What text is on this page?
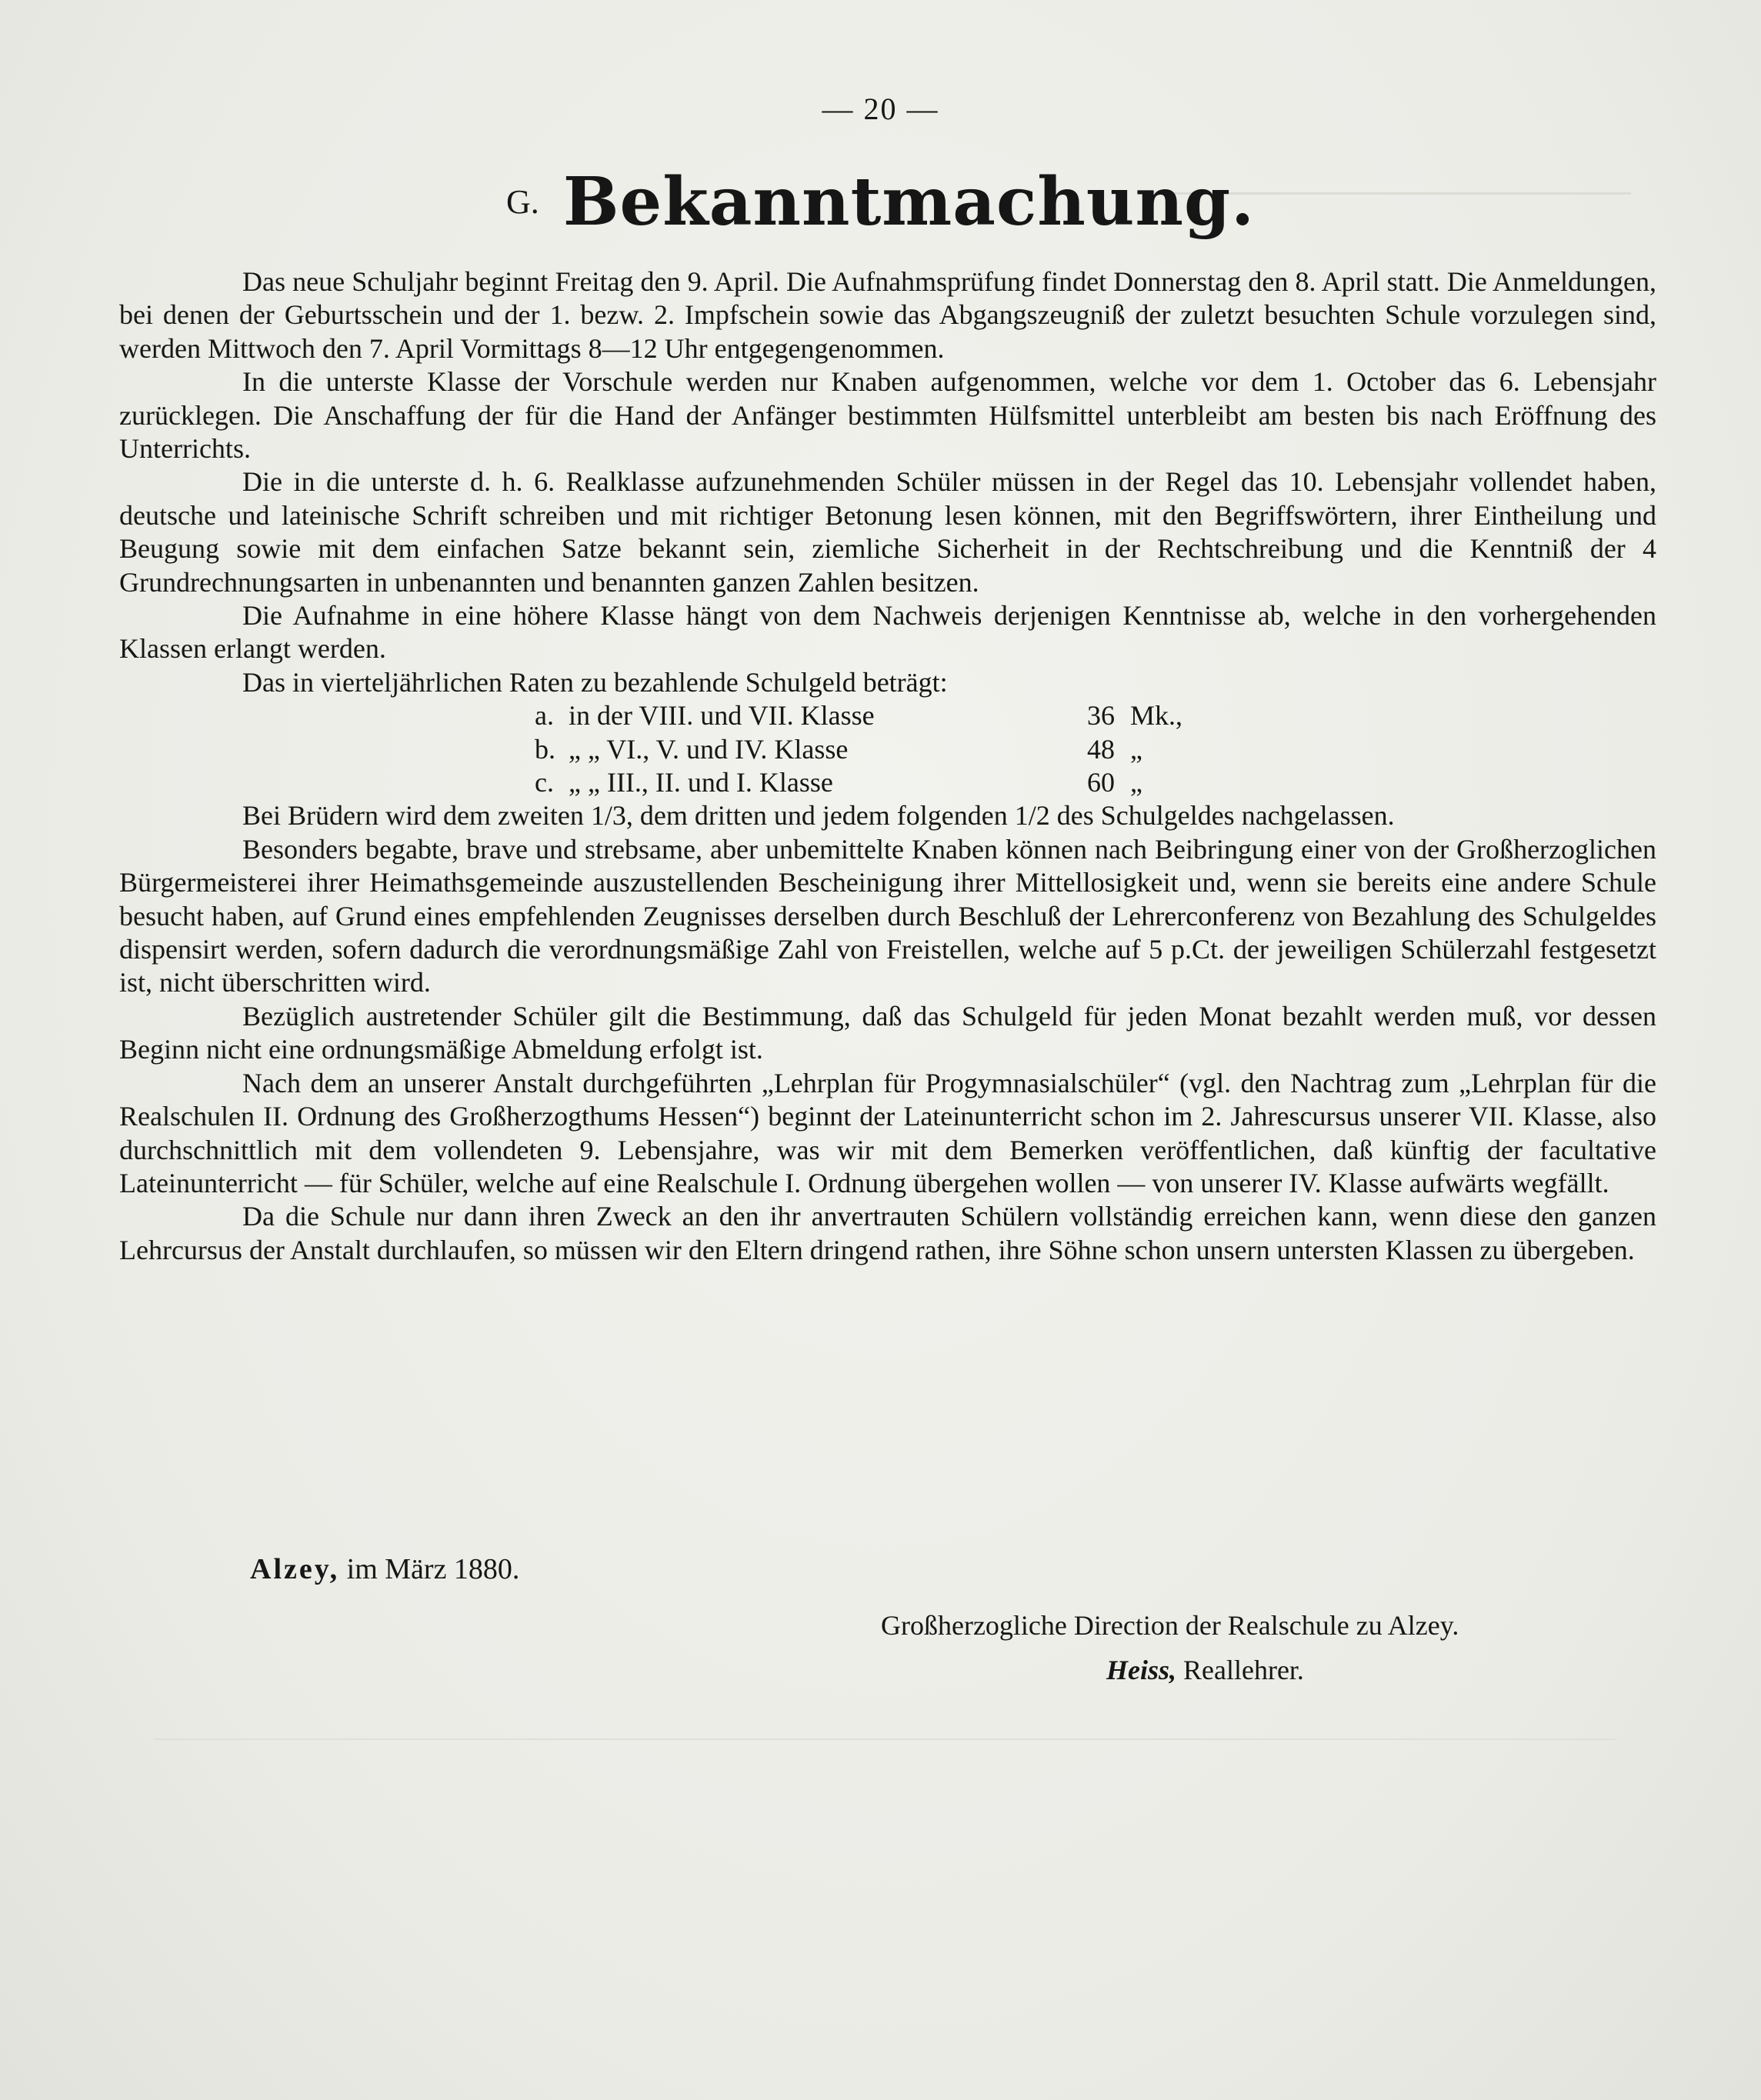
— 20 —
G. Bekanntmachung.

Das neue Schuljahr beginnt Freitag den 9. April. Die Aufnahmsprüfung findet Donnerstag den 8. April statt. Die Anmeldungen, bei denen der Geburtsschein und der 1. bezw. 2. Impfschein sowie das Abgangszeugniß der zuletzt besuchten Schule vorzulegen sind, werden Mittwoch den 7. April Vormittags 8—12 Uhr entgegengenommen.

In die unterste Klasse der Vorschule werden nur Knaben aufgenommen, welche vor dem 1. October das 6. Lebensjahr zurücklegen. Die Anschaffung der für die Hand der Anfänger bestimmten Hülfsmittel unterbleibt am besten bis nach Eröffnung des Unterrichts.

Die in die unterste d. h. 6. Realklasse aufzunehmenden Schüler müssen in der Regel das 10. Lebensjahr vollendet haben, deutsche und lateinische Schrift schreiben und mit richtiger Betonung lesen können, mit den Begriffswörtern, ihrer Eintheilung und Beugung sowie mit dem einfachen Satze bekannt sein, ziemliche Sicherheit in der Rechtschreibung und die Kenntniß der 4 Grundrechnungsarten in unbenannten und benannten ganzen Zahlen besitzen.

Die Aufnahme in eine höhere Klasse hängt von dem Nachweis derjenigen Kenntnisse ab, welche in den vorhergehenden Klassen erlangt werden.

Das in vierteljährlichen Raten zu bezahlende Schulgeld beträgt:

a. in der VIII. und VII. Klasse	36 Mk.,
b. „ „ VI., V. und IV. Klasse	48 „
c. „ „ III., II. und I. Klasse	60 „

Bei Brüdern wird dem zweiten 1/3, dem dritten und jedem folgenden 1/2 des Schulgeldes nachgelassen.

Besonders begabte, brave und strebsame, aber unbemittelte Knaben können nach Beibringung einer von der Großherzoglichen Bürgermeisterei ihrer Heimathsgemeinde auszustellenden Bescheinigung ihrer Mittellosigkeit und, wenn sie bereits eine andere Schule besucht haben, auf Grund eines empfehlenden Zeugnisses derselben durch Beschluß der Lehrerconferenz von Bezahlung des Schulgeldes dispensirt werden, sofern dadurch die verordnungsmäßige Zahl von Freistellen, welche auf 5 p.Ct. der jeweiligen Schülerzahl festgesetzt ist, nicht überschritten wird.

Bezüglich austretender Schüler gilt die Bestimmung, daß das Schulgeld für jeden Monat bezahlt werden muß, vor dessen Beginn nicht eine ordnungsmäßige Abmeldung erfolgt ist.

Nach dem an unserer Anstalt durchgeführten „Lehrplan für Progymnasialschüler“ (vgl. den Nachtrag zum „Lehrplan für die Realschulen II. Ordnung des Großherzogthums Hessen“) beginnt der Lateinunterricht schon im 2. Jahrescursus unserer VII. Klasse, also durchschnittlich mit dem vollendeten 9. Lebensjahre, was wir mit dem Bemerken veröffentlichen, daß künftig der facultative Lateinunterricht — für Schüler, welche auf eine Realschule I. Ordnung übergehen wollen — von unserer IV. Klasse aufwärts wegfällt.

Da die Schule nur dann ihren Zweck an den ihr anvertrauten Schülern vollständig erreichen kann, wenn diese den ganzen Lehrcursus der Anstalt durchlaufen, so müssen wir den Eltern dringend rathen, ihre Söhne schon unsern untersten Klassen zu übergeben.

Alzey, im März 1880.
Großherzogliche Direction der Realschule zu Alzey.
Heiss, Reallehrer.
